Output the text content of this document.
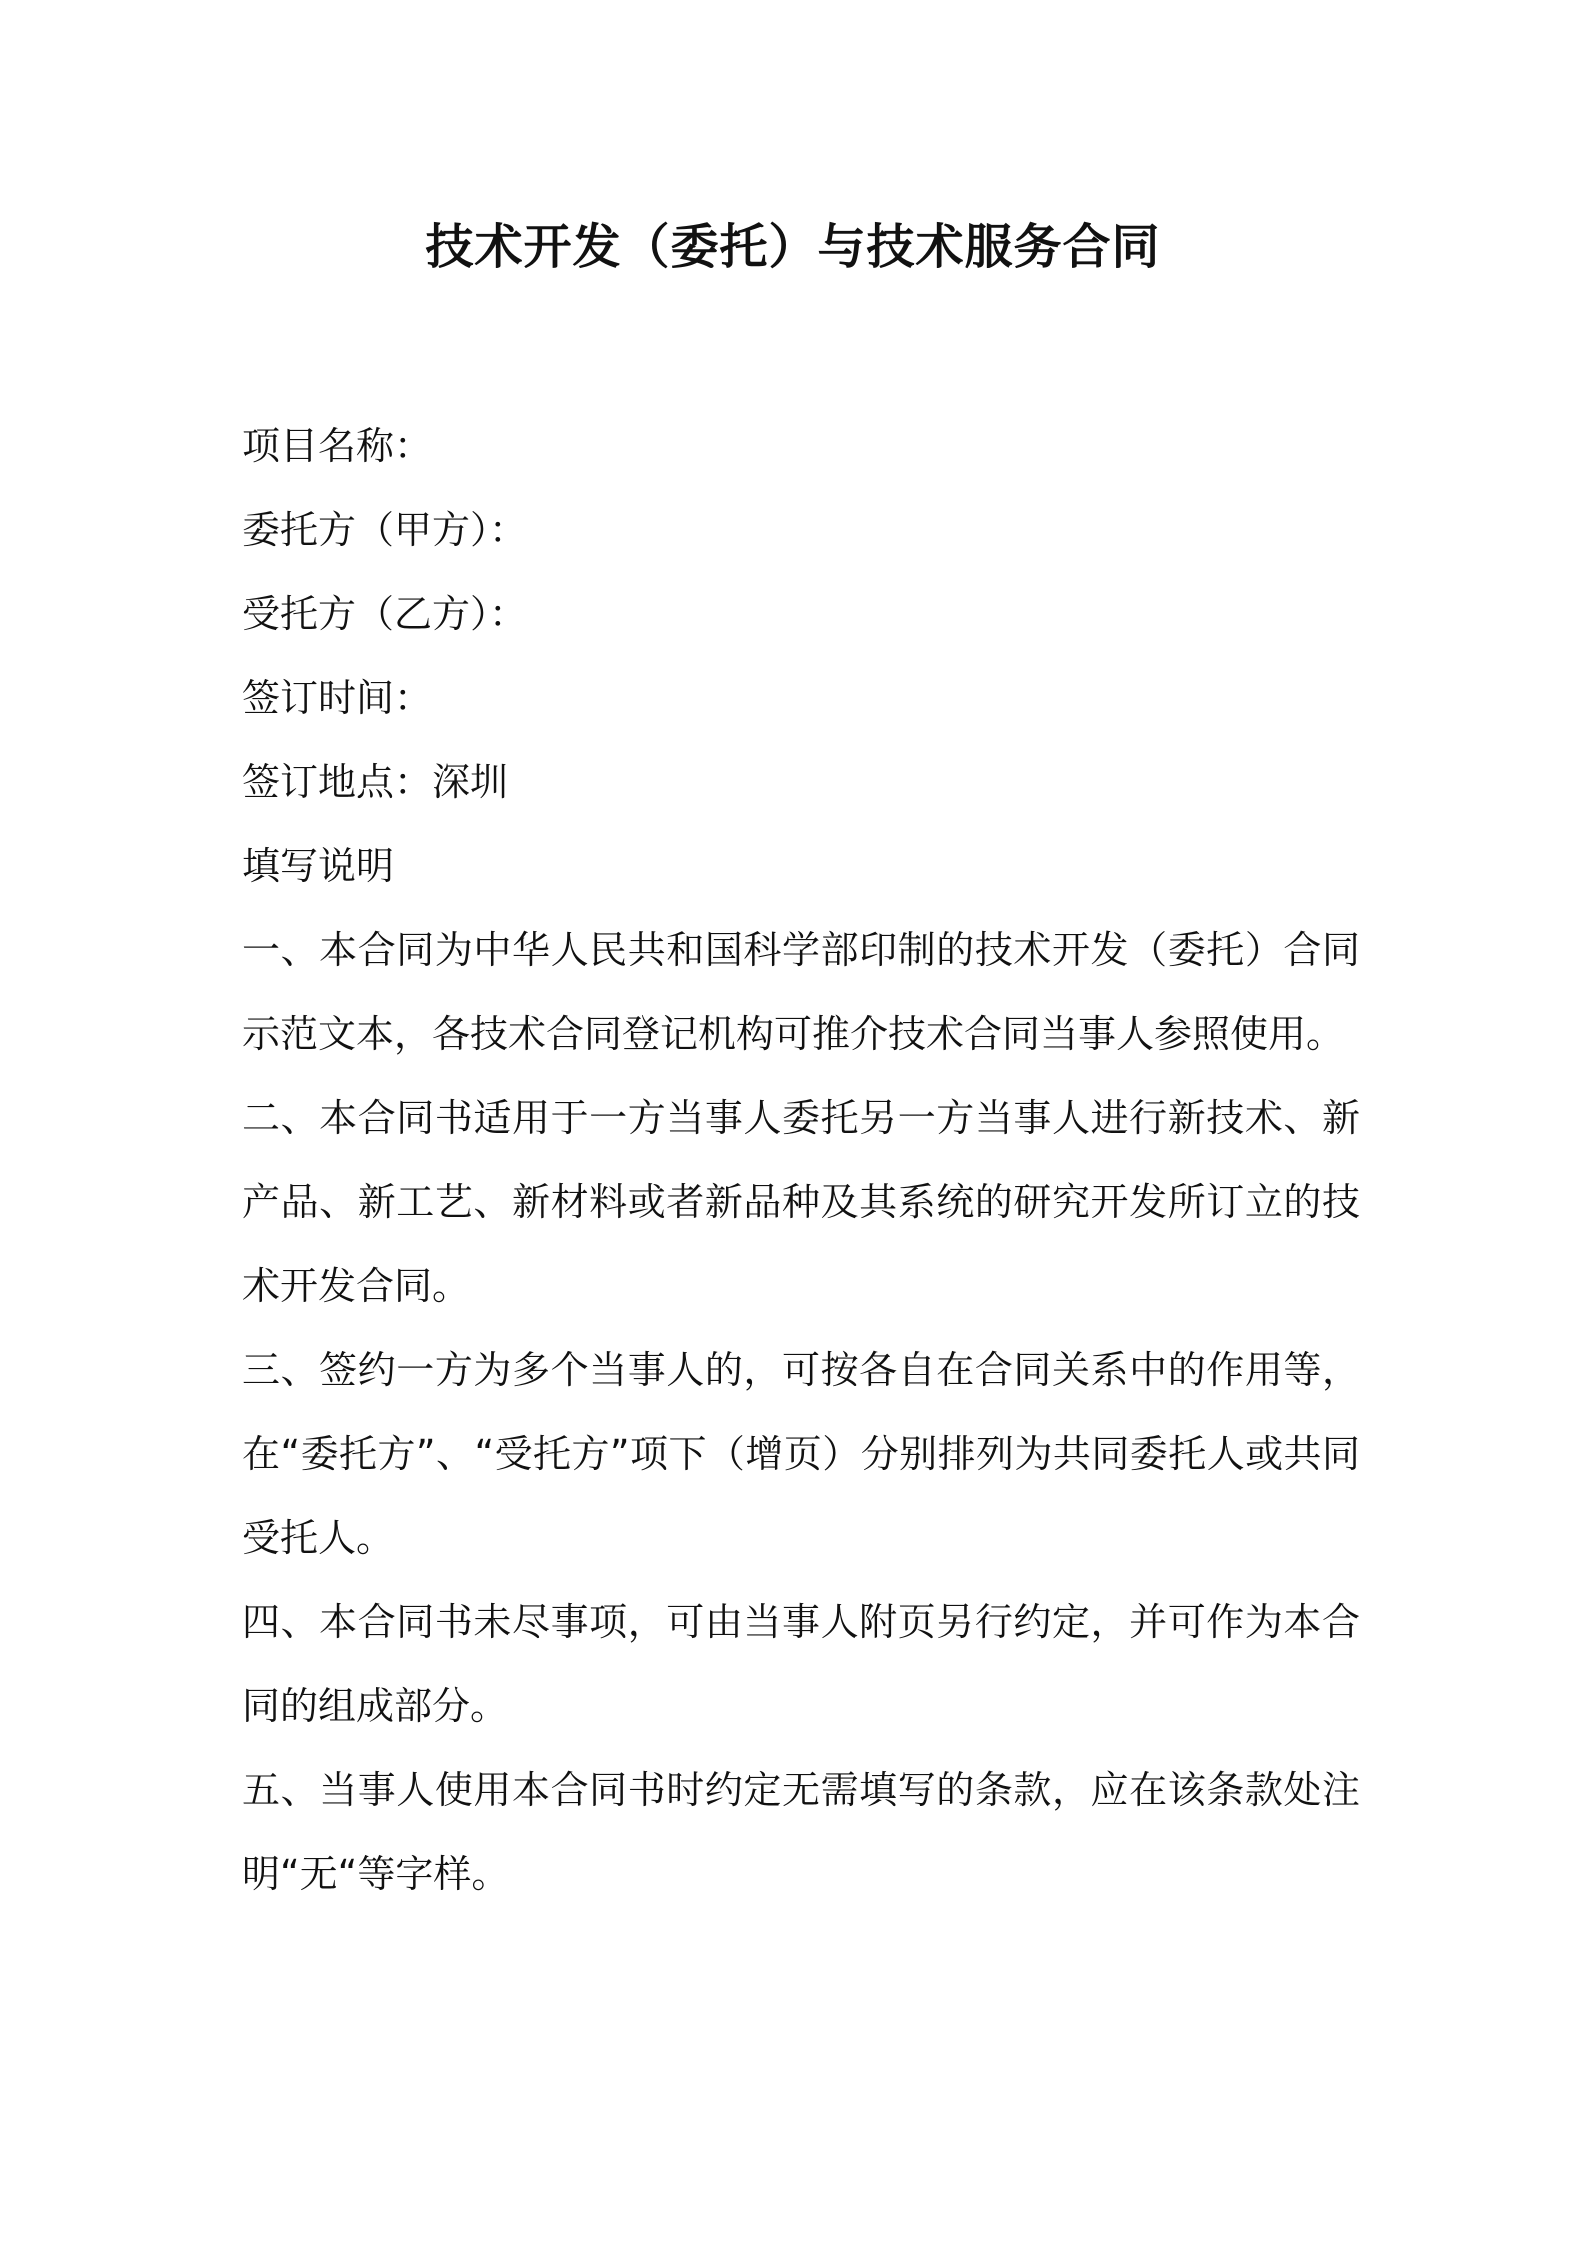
技术开发（委托）与技术服务合同

项目名称：

委托方（甲方）：

受托方（乙方）：

签订时间：

签订地点：深圳

填写说明

一、本合同为中华人民共和国科学部印制的技术开发（委托）合同示范文本，各技术合同登记机构可推介技术合同当事人参照使用。

二、本合同书适用于一方当事人委托另一方当事人进行新技术、新产品、新工艺、新材料或者新品种及其系统的研究开发所订立的技术开发合同。

三、签约一方为多个当事人的，可按各自在合同关系中的作用等，在“委托方”、“受托方”项下（增页）分别排列为共同委托人或共同受托人。

四、本合同书未尽事项，可由当事人附页另行约定，并可作为本合同的组成部分。

五、当事人使用本合同书时约定无需填写的条款，应在该条款处注明“无“等字样。
